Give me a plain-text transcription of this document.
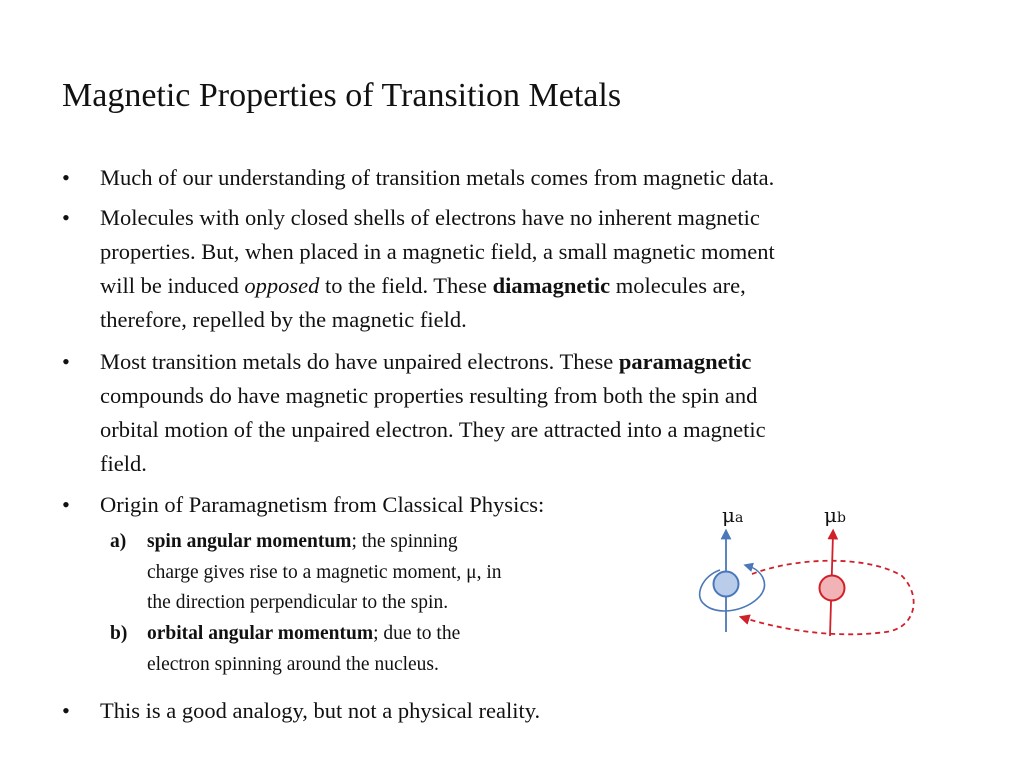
Magnetic Properties of Transition Metals
•	Much of our understanding of transition metals comes from magnetic data.
•	Molecules with only closed shells of electrons have no inherent magnetic
properties. But, when placed in a magnetic field, a small magnetic moment
will be induced opposed to the field. These diamagnetic molecules are,
therefore, repelled by the magnetic field.
•	Most transition metals do have unpaired electrons. These paramagnetic
compounds do have magnetic properties resulting from both the spin and
orbital motion of the unpaired electron. They are attracted into a magnetic
field.
•	Origin of Paramagnetism from Classical Physics:
a) spin angular momentum; the spinning
charge gives rise to a magnetic moment, μ, in
the direction perpendicular to the spin.
b) orbital angular momentum; due to the
electron spinning around the nucleus.
•	This is a good analogy, but not a physical reality.
μa	μb
